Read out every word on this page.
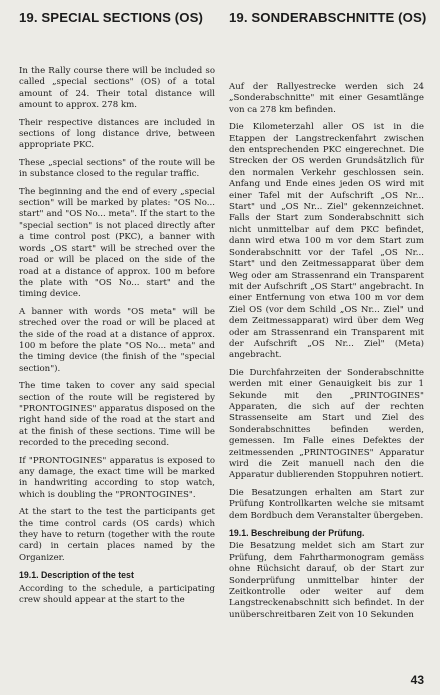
19. SPECIAL SECTIONS (OS)	19. SONDERABSCHNITTE (OS)

In the Rally course there will be included so called „special sections" (OS) of a total amount of 24. Their total distance will amount to approx. 278 km.

Their respective distances are included in sections of long distance drive, between appropriate PKC.

These „special sections" of the route will be in substance closed to the regular traffic.

The beginning and the end of every „special section" will be marked by plates: "OS No... start" and "OS No... meta". If the start to the "special section" is not placed directly after a time control post (PKC), a banner with words „OS start" will be streched over the road or will be placed on the side of the road at a distance of approx. 100 m before the plate with "OS No... start" and the timing device.

A banner with words "OS meta" will be streched over the road or will be placed at the side of the road at a distance of approx. 100 m before the plate "OS No... meta" and the timing device (the finish of the "special section").

The time taken to cover any said special section of the route will be registered by "PRONTOGINES" apparatus disposed on the right hand side of the road at the start and at the finish of these sections. Time will be recorded to the preceding second.

If "PRONTOGINES" apparatus is exposed to any damage, the exact time will be marked in handwriting according to stop watch, which is doubling the "PRONTOGINES".

At the start to the test the participants get the time control cards (OS cards) which they have to return (together with the route card) in certain places named by the Organizer.

19.1. Description of the test

According to the schedule, a participating crew should appear at the start to the

Auf der Rallyestrecke werden sich 24 „Sonderabschnitte" mit einer Gesamtlänge von ca 278 km befinden.

Die Kilometerzahl aller OS ist in die Etappen der Langstreckenfahrt zwischen den entsprechenden PKC eingerechnet. Die Strecken der OS werden Grundsätzlich für den normalen Verkehr geschlossen sein. Anfang und Ende eines jeden OS wird mit einer Tafel mit der Aufschrift „OS Nr... Start" und „OS Nr... Ziel" gekennzeichnet. Falls der Start zum Sonderabschnitt sich nicht unmittelbar auf dem PKC befindet, dann wird etwa 100 m vor dem Start zum Sonderabschnitt vor der Tafel „OS Nr... Start" und den Zeitmessapparat über dem Weg oder am Strassenrand ein Transparent mit der Aufschrift „OS Start" angebracht. In einer Entfernung von etwa 100 m vor dem Ziel OS (vor dem Schild „OS Nr... Ziel" und dem Zeitmessapparat) wird über dem Weg oder am Strassenrand ein Transparent mit der Aufschrift „OS Nr... Ziel" (Meta) angebracht.

Die Durchfahrzeiten der Sonderabschnitte werden mit einer Genauigkeit bis zur 1 Sekunde mit den „PRINTOGINES" Apparaten, die sich auf der rechten Strassenseite am Start und Ziel des Sonderabschnittes befinden werden, gemessen. Im Falle eines Defektes der zeitmessenden „PRINTOGINES" Apparatur wird die Zeit manuell nach den die Apparatur dublierenden Stoppuhren notiert.

Die Besatzungen erhalten am Start zur Prüfung Kontrollkarten welche sie mitsamt dem Bordbuch dem Veranstalter übergeben.

19.1. Beschreibung der Prüfung.

Die Besatzung meldet sich am Start zur Prüfung, dem Fahrtharmonogram gemäss ohne Rüchsicht darauf, ob der Start zur Sonderprüfung unmittelbar hinter der Zeitkontrolle oder weiter auf dem Langstreckenabschnitt sich befindet. In der unüberschreitbaren Zeit von 10 Sekunden

43
